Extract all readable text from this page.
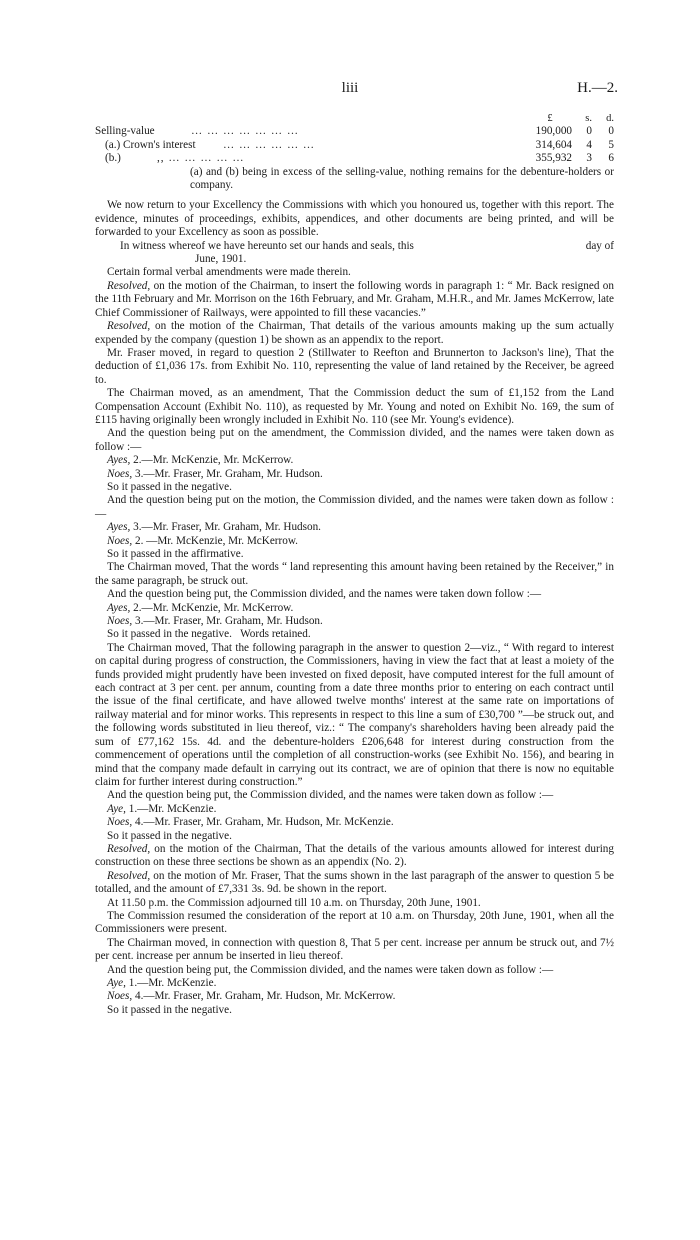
liii	H.—2.
£	s.	d.
Selling-value	… … … … … … …	190,000	0	0
(a.) Crown's interest	… … … … … …	314,604	4	5
(b.)	,, … … … … …	355,932	3	6

(a) and (b) being in excess of the selling-value, nothing remains for the debenture-holders or company.

We now return to your Excellency the Commissions with which you honoured us, together with this report. The evidence, minutes of proceedings, exhibits, appendices, and other documents are being printed, and will be forwarded to your Excellency as soon as possible.

In witness whereof we have hereunto set our hands and seals, this	day of
June, 1901.

Certain formal verbal amendments were made therein.

Resolved, on the motion of the Chairman, to insert the following words in paragraph 1: “ Mr. Back resigned on the 11th February and Mr. Morrison on the 16th February, and Mr. Graham, M.H.R., and Mr. James McKerrow, late Chief Commissioner of Railways, were appointed to fill these vacancies.”

Resolved, on the motion of the Chairman, That details of the various amounts making up the sum actually expended by the company (question 1) be shown as an appendix to the report.

Mr. Fraser moved, in regard to question 2 (Stillwater to Reefton and Brunnerton to Jackson's line), That the deduction of £1,036 17s. from Exhibit No. 110, representing the value of land retained by the Receiver, be agreed to.

The Chairman moved, as an amendment, That the Commission deduct the sum of £1,152 from the Land Compensation Account (Exhibit No. 110), as requested by Mr. Young and noted on Exhibit No. 169, the sum of £115 having originally been wrongly included in Exhibit No. 110 (see Mr. Young's evidence).

And the question being put on the amendment, the Commission divided, and the names were taken down as follow :—

Ayes, 2.—Mr. McKenzie, Mr. McKerrow.
Noes, 3.—Mr. Fraser, Mr. Graham, Mr. Hudson.
So it passed in the negative.

And the question being put on the motion, the Commission divided, and the names were taken down as follow :—

Ayes, 3.—Mr. Fraser, Mr. Graham, Mr. Hudson.
Noes, 2. —Mr. McKenzie, Mr. McKerrow.
So it passed in the affirmative.

The Chairman moved, That the words “ land representing this amount having been retained by the Receiver,” in the same paragraph, be struck out.

And the question being put, the Commission divided, and the names were taken down follow :—

Ayes, 2.—Mr. McKenzie, Mr. McKerrow.
Noes, 3.—Mr. Fraser, Mr. Graham, Mr. Hudson.
So it passed in the negative.   Words retained.

The Chairman moved, That the following paragraph in the answer to question 2—viz., “ With regard to interest on capital during progress of construction, the Commissioners, having in view the fact that at least a moiety of the funds provided might prudently have been invested on fixed deposit, have computed interest for the full amount of each contract at 3 per cent. per annum, counting from a date three months prior to entering on each contract until the issue of the final certificate, and have allowed twelve months' interest at the same rate on importations of railway material and for minor works. This represents in respect to this line a sum of £30,700 ”—be struck out, and the following words substituted in lieu thereof, viz.: “ The company's shareholders having been already paid the sum of £77,162 15s. 4d. and the debenture-holders £206,648 for interest during construction from the commencement of operations until the completion of all construction-works (see Exhibit No. 156), and bearing in mind that the company made default in carrying out its contract, we are of opinion that there is now no equitable claim for further interest during construction.”

And the question being put, the Commission divided, and the names were taken down as follow :—

Aye, 1.—Mr. McKenzie.
Noes, 4.—Mr. Fraser, Mr. Graham, Mr. Hudson, Mr. McKenzie.
So it passed in the negative.

Resolved, on the motion of the Chairman, That the details of the various amounts allowed for interest during construction on these three sections be shown as an appendix (No. 2).

Resolved, on the motion of Mr. Fraser, That the sums shown in the last paragraph of the answer to question 5 be totalled, and the amount of £7,331 3s. 9d. be shown in the report.

At 11.50 p.m. the Commission adjourned till 10 a.m. on Thursday, 20th June, 1901.

The Commission resumed the consideration of the report at 10 a.m. on Thursday, 20th June, 1901, when all the Commissioners were present.

The Chairman moved, in connection with question 8, That 5 per cent. increase per annum be struck out, and 7½ per cent. increase per annum be inserted in lieu thereof.

And the question being put, the Commission divided, and the names were taken down as follow :—

Aye, 1.—Mr. McKenzie.
Noes, 4.—Mr. Fraser, Mr. Graham, Mr. Hudson, Mr. McKerrow.
So it passed in the negative.
